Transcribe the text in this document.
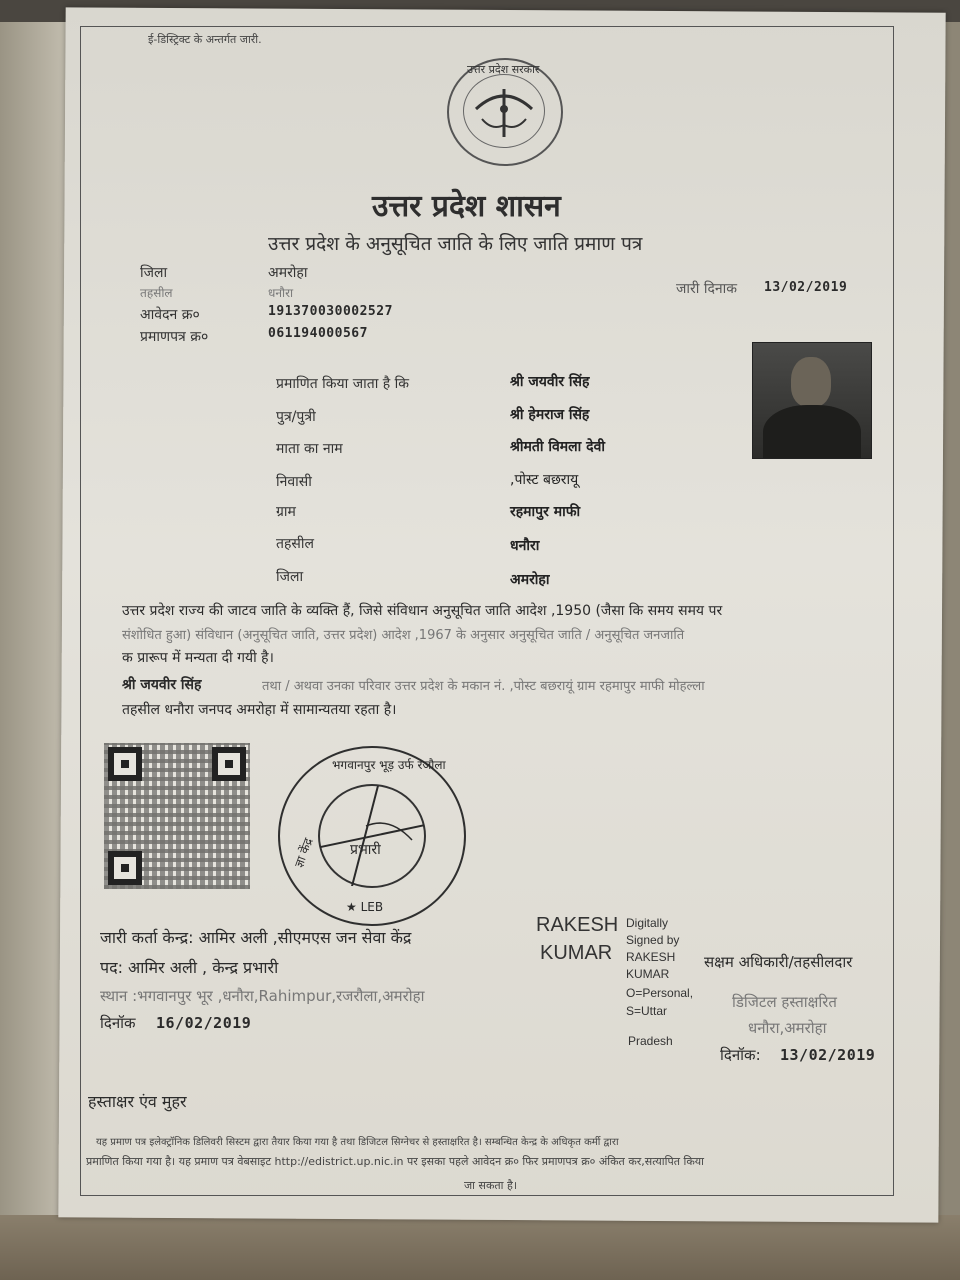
ई-डिस्ट्रिक्ट के अन्तर्गत जारी.
उत्तर प्रदेश सरकार
उत्तर प्रदेश शासन
उत्तर प्रदेश के अनुसूचित जाति के लिए जाति प्रमाण पत्र
जिला	अमरोहा
तहसील	धनौरा
आवेदन क्र०	191370030002527
प्रमाणपत्र क्र०	061194000567
जारी दिनाक 13/02/2019
प्रमाणित किया जाता है कि	श्री जयवीर सिंह
पुत्र/पुत्री	श्री हेमराज सिंह
माता का नाम	श्रीमती विमला देवी
निवासी	,पोस्ट बछरायू
ग्राम	रहमापुर माफी
तहसील	धनौरा
जिला	अमरोहा
उत्तर प्रदेश राज्य की जाटव जाति के व्यक्ति हैं, जिसे संविधान अनुसूचित जाति आदेश ,1950 (जैसा कि समय समय पर
संशोधित हुआ) संविधान (अनुसूचित जाति, उत्तर प्रदेश) आदेश ,1967 के अनुसार अनुसूचित जाति / अनुसूचित जनजाति
क प्रारूप में मन्यता दी गयी है।
श्री जयवीर सिंह	तथा / अथवा उनका परिवार उत्तर प्रदेश के मकान नं. ,पोस्ट बछरायूं ग्राम रहमापुर माफी मोहल्ला
तहसील धनौरा जनपद अमरोहा में सामान्यतया रहता है।
भगवानपुर भूड़ उर्फ रजौला
ज्ञा केंद्र प्रभारी
★ LEB
जारी कर्ता केन्द्र: आमिर अली ,सीएमएस जन सेवा केंद्र
पद: आमिर अली , केन्द्र प्रभारी
स्थान :भगवानपुर भूर ,धनौरा,Rahimpur,रजरौला,अमरोहा
दिनॉक 16/02/2019
RAKESH
KUMAR
Digitally
Signed by
RAKESH
KUMAR
O=Personal,
S=Uttar
Pradesh
सक्षम अधिकारी/तहसीलदार
डिजिटल हस्ताक्षरित
धनौरा,अमरोहा
दिनॉक: 13/02/2019
हस्ताक्षर एंव मुहर
यह प्रमाण पत्र इलेक्ट्रॉनिक डिलिवरी सिस्टम द्वारा तैयार किया गया है तथा डिजिटल सिग्नेचर से हस्ताक्षरित है। सम्बन्धित केन्द्र के अधिकृत कर्मी द्वारा
प्रमाणित किया गया है। यह प्रमाण पत्र वेबसाइट http://edistrict.up.nic.in पर इसका पहले आवेदन क्र० फिर प्रमाणपत्र क्र० अंकित कर,सत्यापित किया
जा सकता है।
